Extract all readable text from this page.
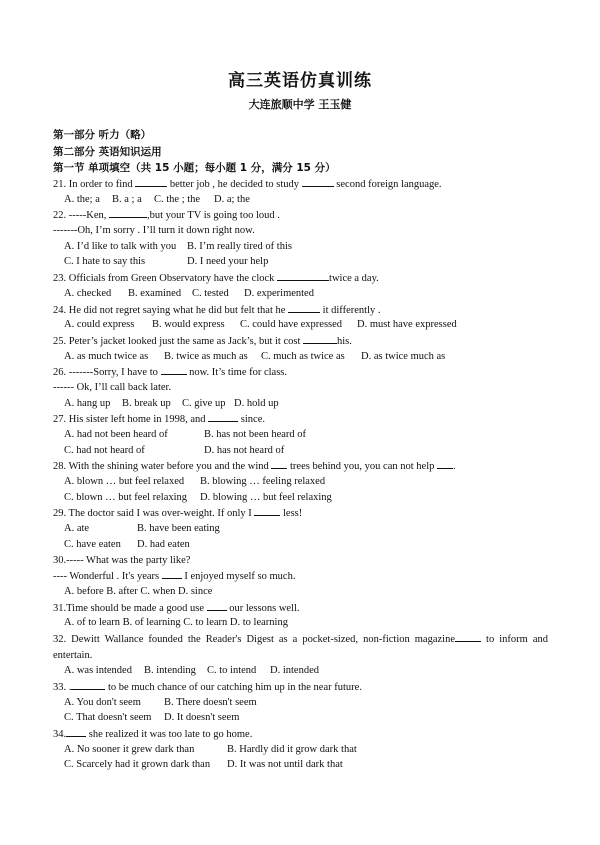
高三英语仿真训练
大连旅顺中学 王玉健
第一部分 听力（略）
第二部分 英语知识运用
第一节 单项填空（共 15 小题；每小题 1 分，满分 15 分）
21. In order to find	better job , he decided to study	second foreign language.
A. the; a B. a ; a C. the ; the D. a; the
22. -----Ken,	,but your TV is going too loud .
-------Oh, I’m sorry . I’ll turn it down right now.
A. I’d like to talk with you B. I’m really tired of this
C. I hate to say this	D. I need your help
23. Officials from Green Observatory have the clock	twice a day.
A. checked B. examined C. tested D. experimented
24. He did not regret saying what he did but felt that he	it differently .
A. could express B. would express C. could have expressed D. must have expressed
25. Peter’s jacket looked just the same as Jack’s, but it cost	his.
A. as much twice as B. twice as much as C. much as twice as D. as twice much as
26. -------Sorry, I have to	now. It’s time for class.
------ Ok, I’ll call back later.
A. hang up B. break up C. give up D. hold up
27. His sister left home in 1998, and	since.
A. had not been heard of	B. has not been heard of
C. had not heard of	D. has not heard of
28. With the shining water before you and the wind trees behind you, you can not help .
A. blown … but feel relaxed B. blowing … feeling relaxed
C. blown … but feel relaxing D. blowing … but feel relaxing
29. The doctor said I was over-weight. If only I	less!
A. ate	B. have been eating
C. have eaten D. had eaten
30.----- What was the party like?
---- Wonderful . It's years I enjoyed myself so much.
A. before B. after C. when D. since
31.Time should be made a good use our lessons well.
A. of to learn B. of learning C. to learn D. to learning
32. Dewitt Wallance founded the Reader's Digest as a pocket-sized, non-fiction magazine	to inform and entertain.
A. was intended B. intending C. to intend D. intended
33. .	to be much chance of our catching him up in the near future.
A. You don't seem B. There doesn't seem
C. That doesn't seem D. It doesn't seem
34. she realized it was too late to go home.
A. No sooner it grew dark than	B. Hardly did it grow dark that
C. Scarcely had it grown dark than D. It was not until dark that
